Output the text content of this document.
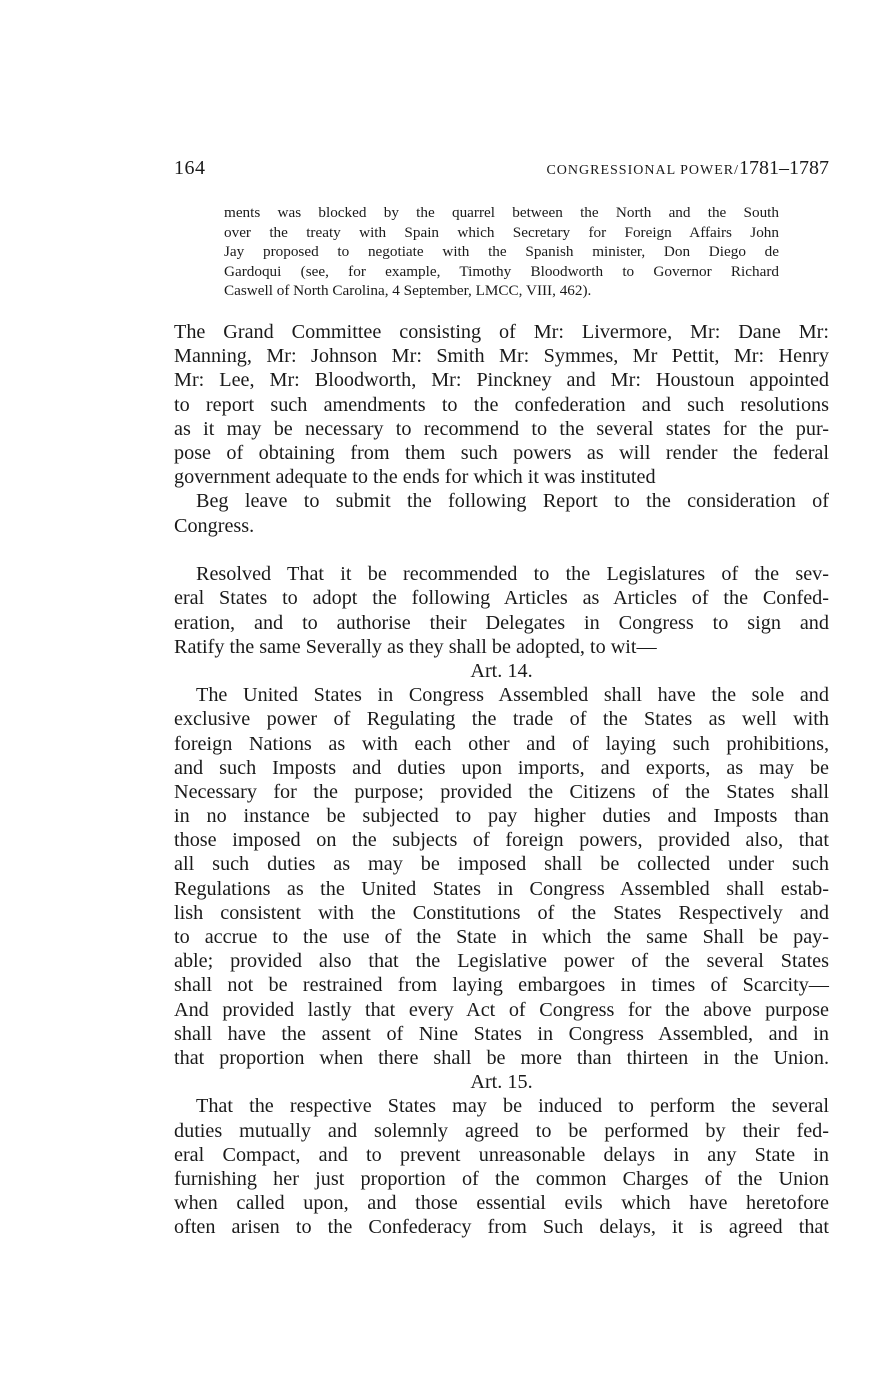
164	CONGRESSIONAL POWER/1781–1787
ments was blocked by the quarrel between the North and the South
over the treaty with Spain which Secretary for Foreign Affairs John
Jay proposed to negotiate with the Spanish minister, Don Diego de
Gardoqui (see, for example, Timothy Bloodworth to Governor Richard
Caswell of North Carolina, 4 September, LMCC, VIII, 462).
The Grand Committee consisting of Mr: Livermore, Mr: Dane Mr:
Manning, Mr: Johnson Mr: Smith Mr: Symmes, Mr Pettit, Mr: Henry
Mr: Lee, Mr: Bloodworth, Mr: Pinckney and Mr: Houstoun appointed
to report such amendments to the confederation and such resolutions
as it may be necessary to recommend to the several states for the pur-
pose of obtaining from them such powers as will render the federal
government adequate to the ends for which it was instituted
Beg leave to submit the following Report to the consideration of
Congress.
Resolved That it be recommended to the Legislatures of the sev-
eral States to adopt the following Articles as Articles of the Confed-
eration, and to authorise their Delegates in Congress to sign and
Ratify the same Severally as they shall be adopted, to wit—
Art. 14.
The United States in Congress Assembled shall have the sole and
exclusive power of Regulating the trade of the States as well with
foreign Nations as with each other and of laying such prohibitions,
and such Imposts and duties upon imports, and exports, as may be
Necessary for the purpose; provided the Citizens of the States shall
in no instance be subjected to pay higher duties and Imposts than
those imposed on the subjects of foreign powers, provided also, that
all such duties as may be imposed shall be collected under such
Regulations as the United States in Congress Assembled shall estab-
lish consistent with the Constitutions of the States Respectively and
to accrue to the use of the State in which the same Shall be pay-
able; provided also that the Legislative power of the several States
shall not be restrained from laying embargoes in times of Scarcity—
And provided lastly that every Act of Congress for the above purpose
shall have the assent of Nine States in Congress Assembled, and in
that proportion when there shall be more than thirteen in the Union.
Art. 15.
That the respective States may be induced to perform the several
duties mutually and solemnly agreed to be performed by their fed-
eral Compact, and to prevent unreasonable delays in any State in
furnishing her just proportion of the common Charges of the Union
when called upon, and those essential evils which have heretofore
often arisen to the Confederacy from Such delays, it is agreed that
